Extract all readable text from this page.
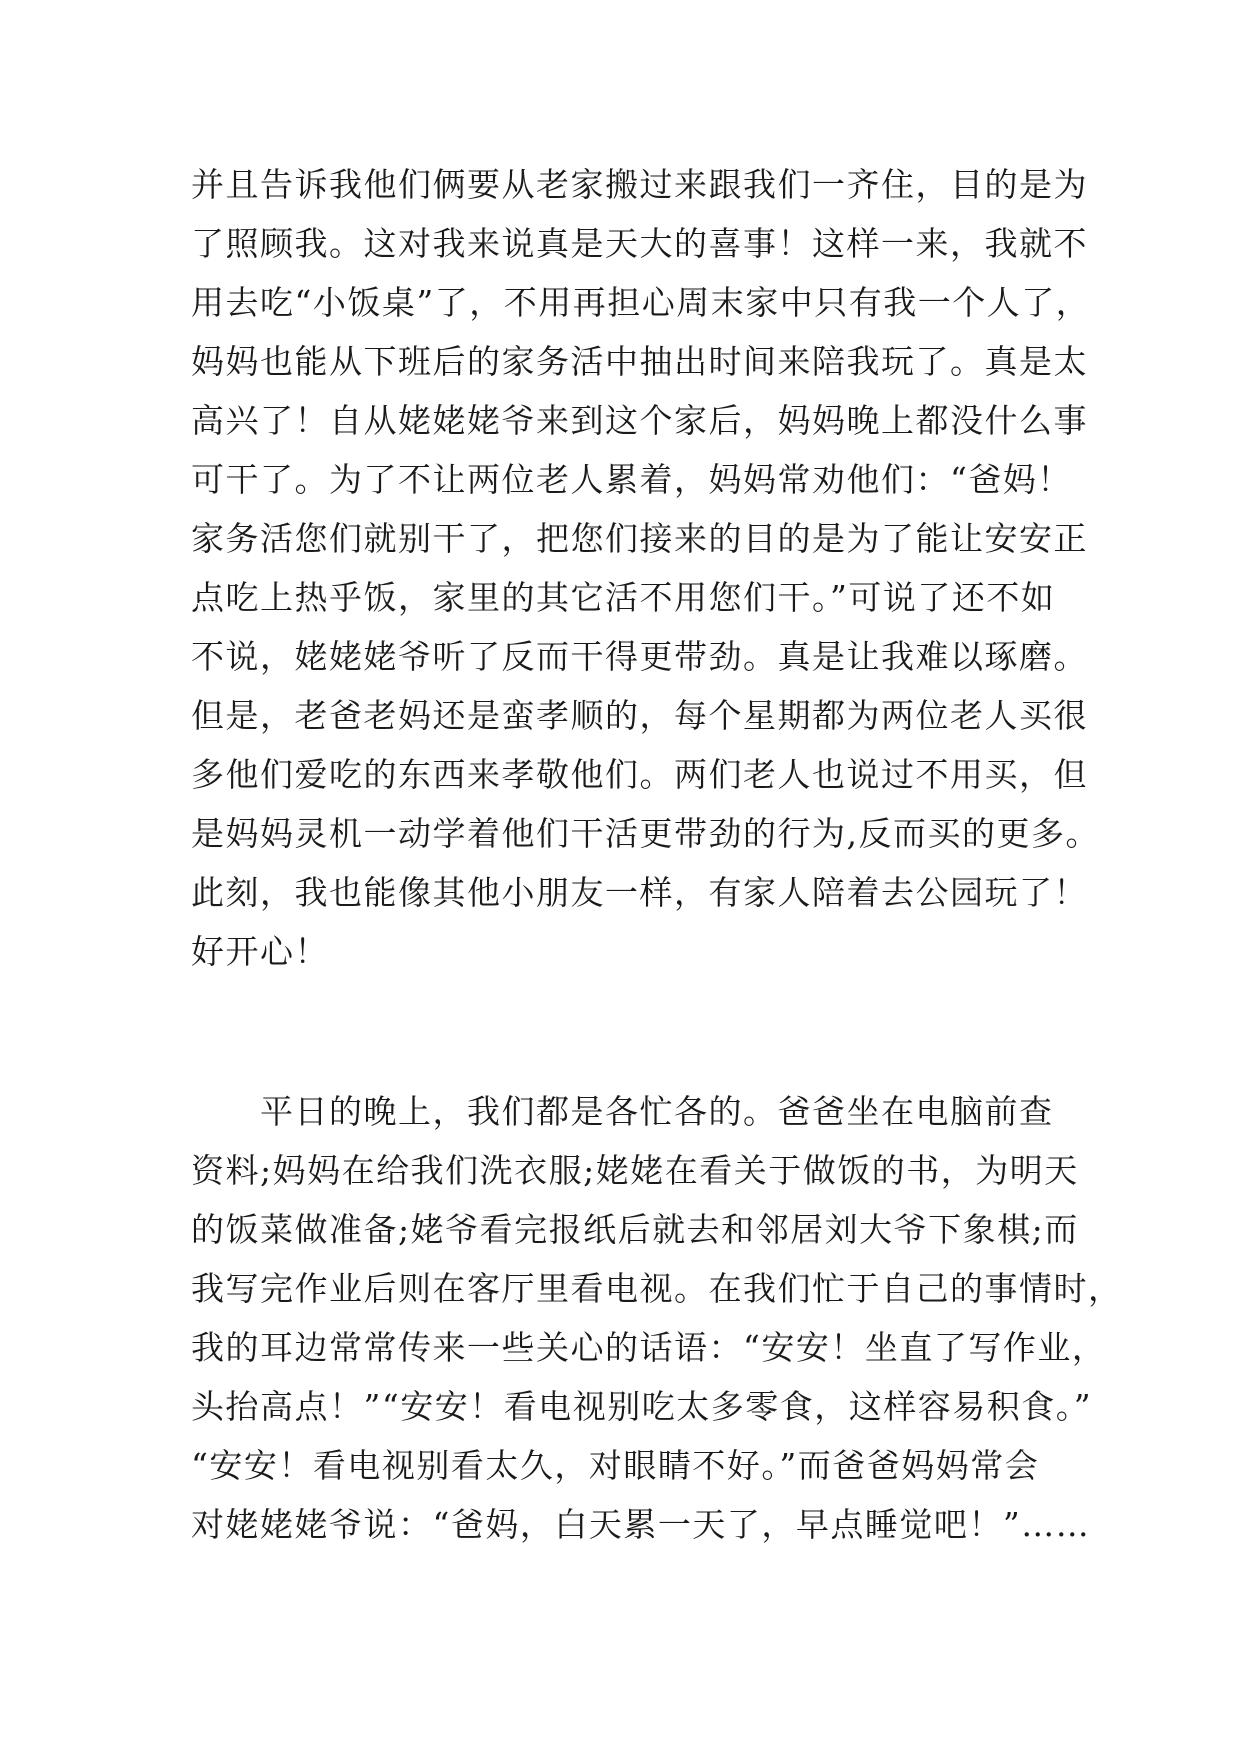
并且告诉我他们俩要从老家搬过来跟我们一齐住，目的是为
了照顾我。这对我来说真是天大的喜事！这样一来，我就不
用去吃“小饭桌”了，不用再担心周末家中只有我一个人了，
妈妈也能从下班后的家务活中抽出时间来陪我玩了。真是太
高兴了！自从姥姥姥爷来到这个家后，妈妈晚上都没什么事
可干了。为了不让两位老人累着，妈妈常劝他们：“爸妈！
家务活您们就别干了，把您们接来的目的是为了能让安安正
点吃上热乎饭，家里的其它活不用您们干。”可说了还不如
不说，姥姥姥爷听了反而干得更带劲。真是让我难以琢磨。
但是，老爸老妈还是蛮孝顺的，每个星期都为两位老人买很
多他们爱吃的东西来孝敬他们。两们老人也说过不用买，但
是妈妈灵机一动学着他们干活更带劲的行为,反而买的更多。
此刻，我也能像其他小朋友一样，有家人陪着去公园玩了！
好开心！
　　平日的晚上，我们都是各忙各的。爸爸坐在电脑前查
资料;妈妈在给我们洗衣服;姥姥在看关于做饭的书，为明天
的饭菜做准备;姥爷看完报纸后就去和邻居刘大爷下象棋;而
我写完作业后则在客厅里看电视。在我们忙于自己的事情时，
我的耳边常常传来一些关心的话语：“安安！坐直了写作业，
头抬高点！”“安安！看电视别吃太多零食，这样容易积食。”
“安安！看电视别看太久，对眼睛不好。”而爸爸妈妈常会
对姥姥姥爷说：“爸妈，白天累一天了，早点睡觉吧！”……
